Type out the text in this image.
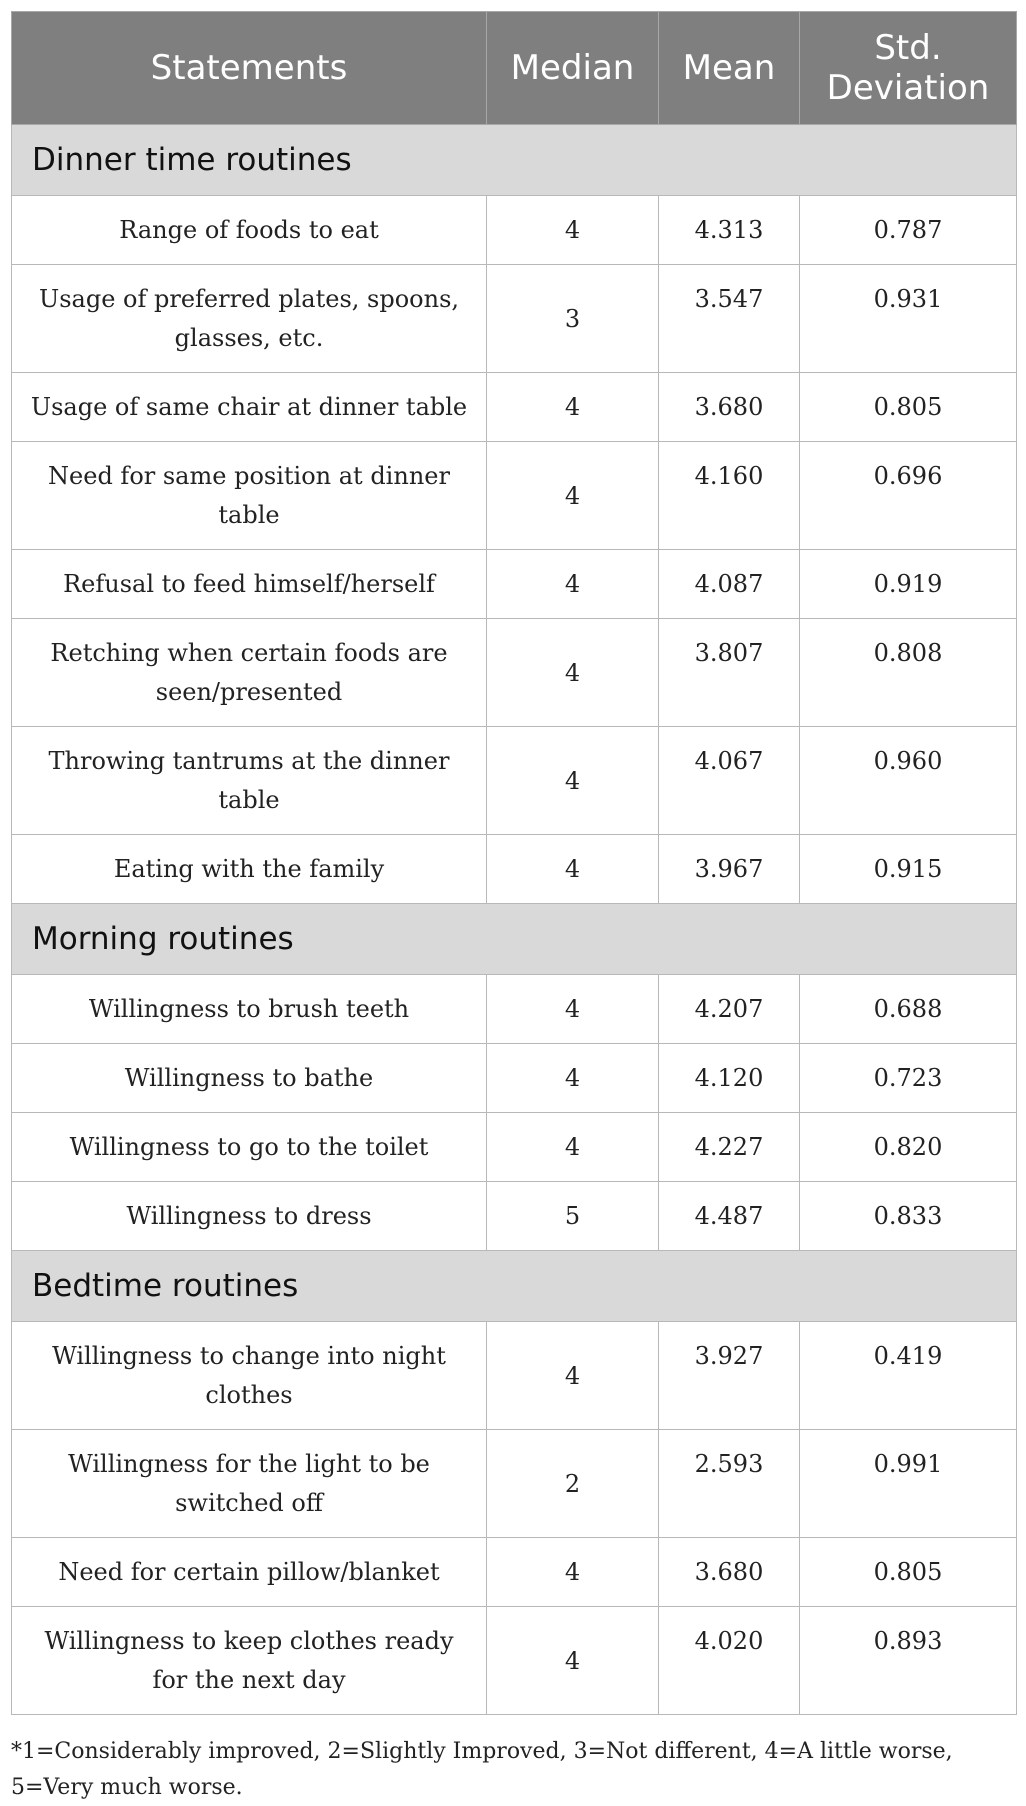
Statements	Median	Mean	Std.
Deviation
Dinner time routines			
Range of foods to eat	4	4.313	0.787
Usage of preferred plates, spoons, glasses, etc.	3	3.547	0.931
Usage of same chair at dinner table	4	3.680	0.805
Need for same position at dinner table	4	4.160	0.696
Refusal to feed himself/herself	4	4.087	0.919
Retching when certain foods are seen/presented	4	3.807	0.808
Throwing tantrums at the dinner table	4	4.067	0.960
Eating with the family	4	3.967	0.915
Morning routines			
Willingness to brush teeth	4	4.207	0.688
Willingness to bathe	4	4.120	0.723
Willingness to go to the toilet	4	4.227	0.820
Willingness to dress	5	4.487	0.833
Bedtime routines			
Willingness to change into night clothes	4	3.927	0.419
Willingness for the light to be switched off	2	2.593	0.991
Need for certain pillow/blanket	4	3.680	0.805
Willingness to keep clothes ready for the next day	4	4.020	0.893
*1=Considerably improved, 2=Slightly Improved, 3=Not different, 4=A little worse, 5=Very much worse.
